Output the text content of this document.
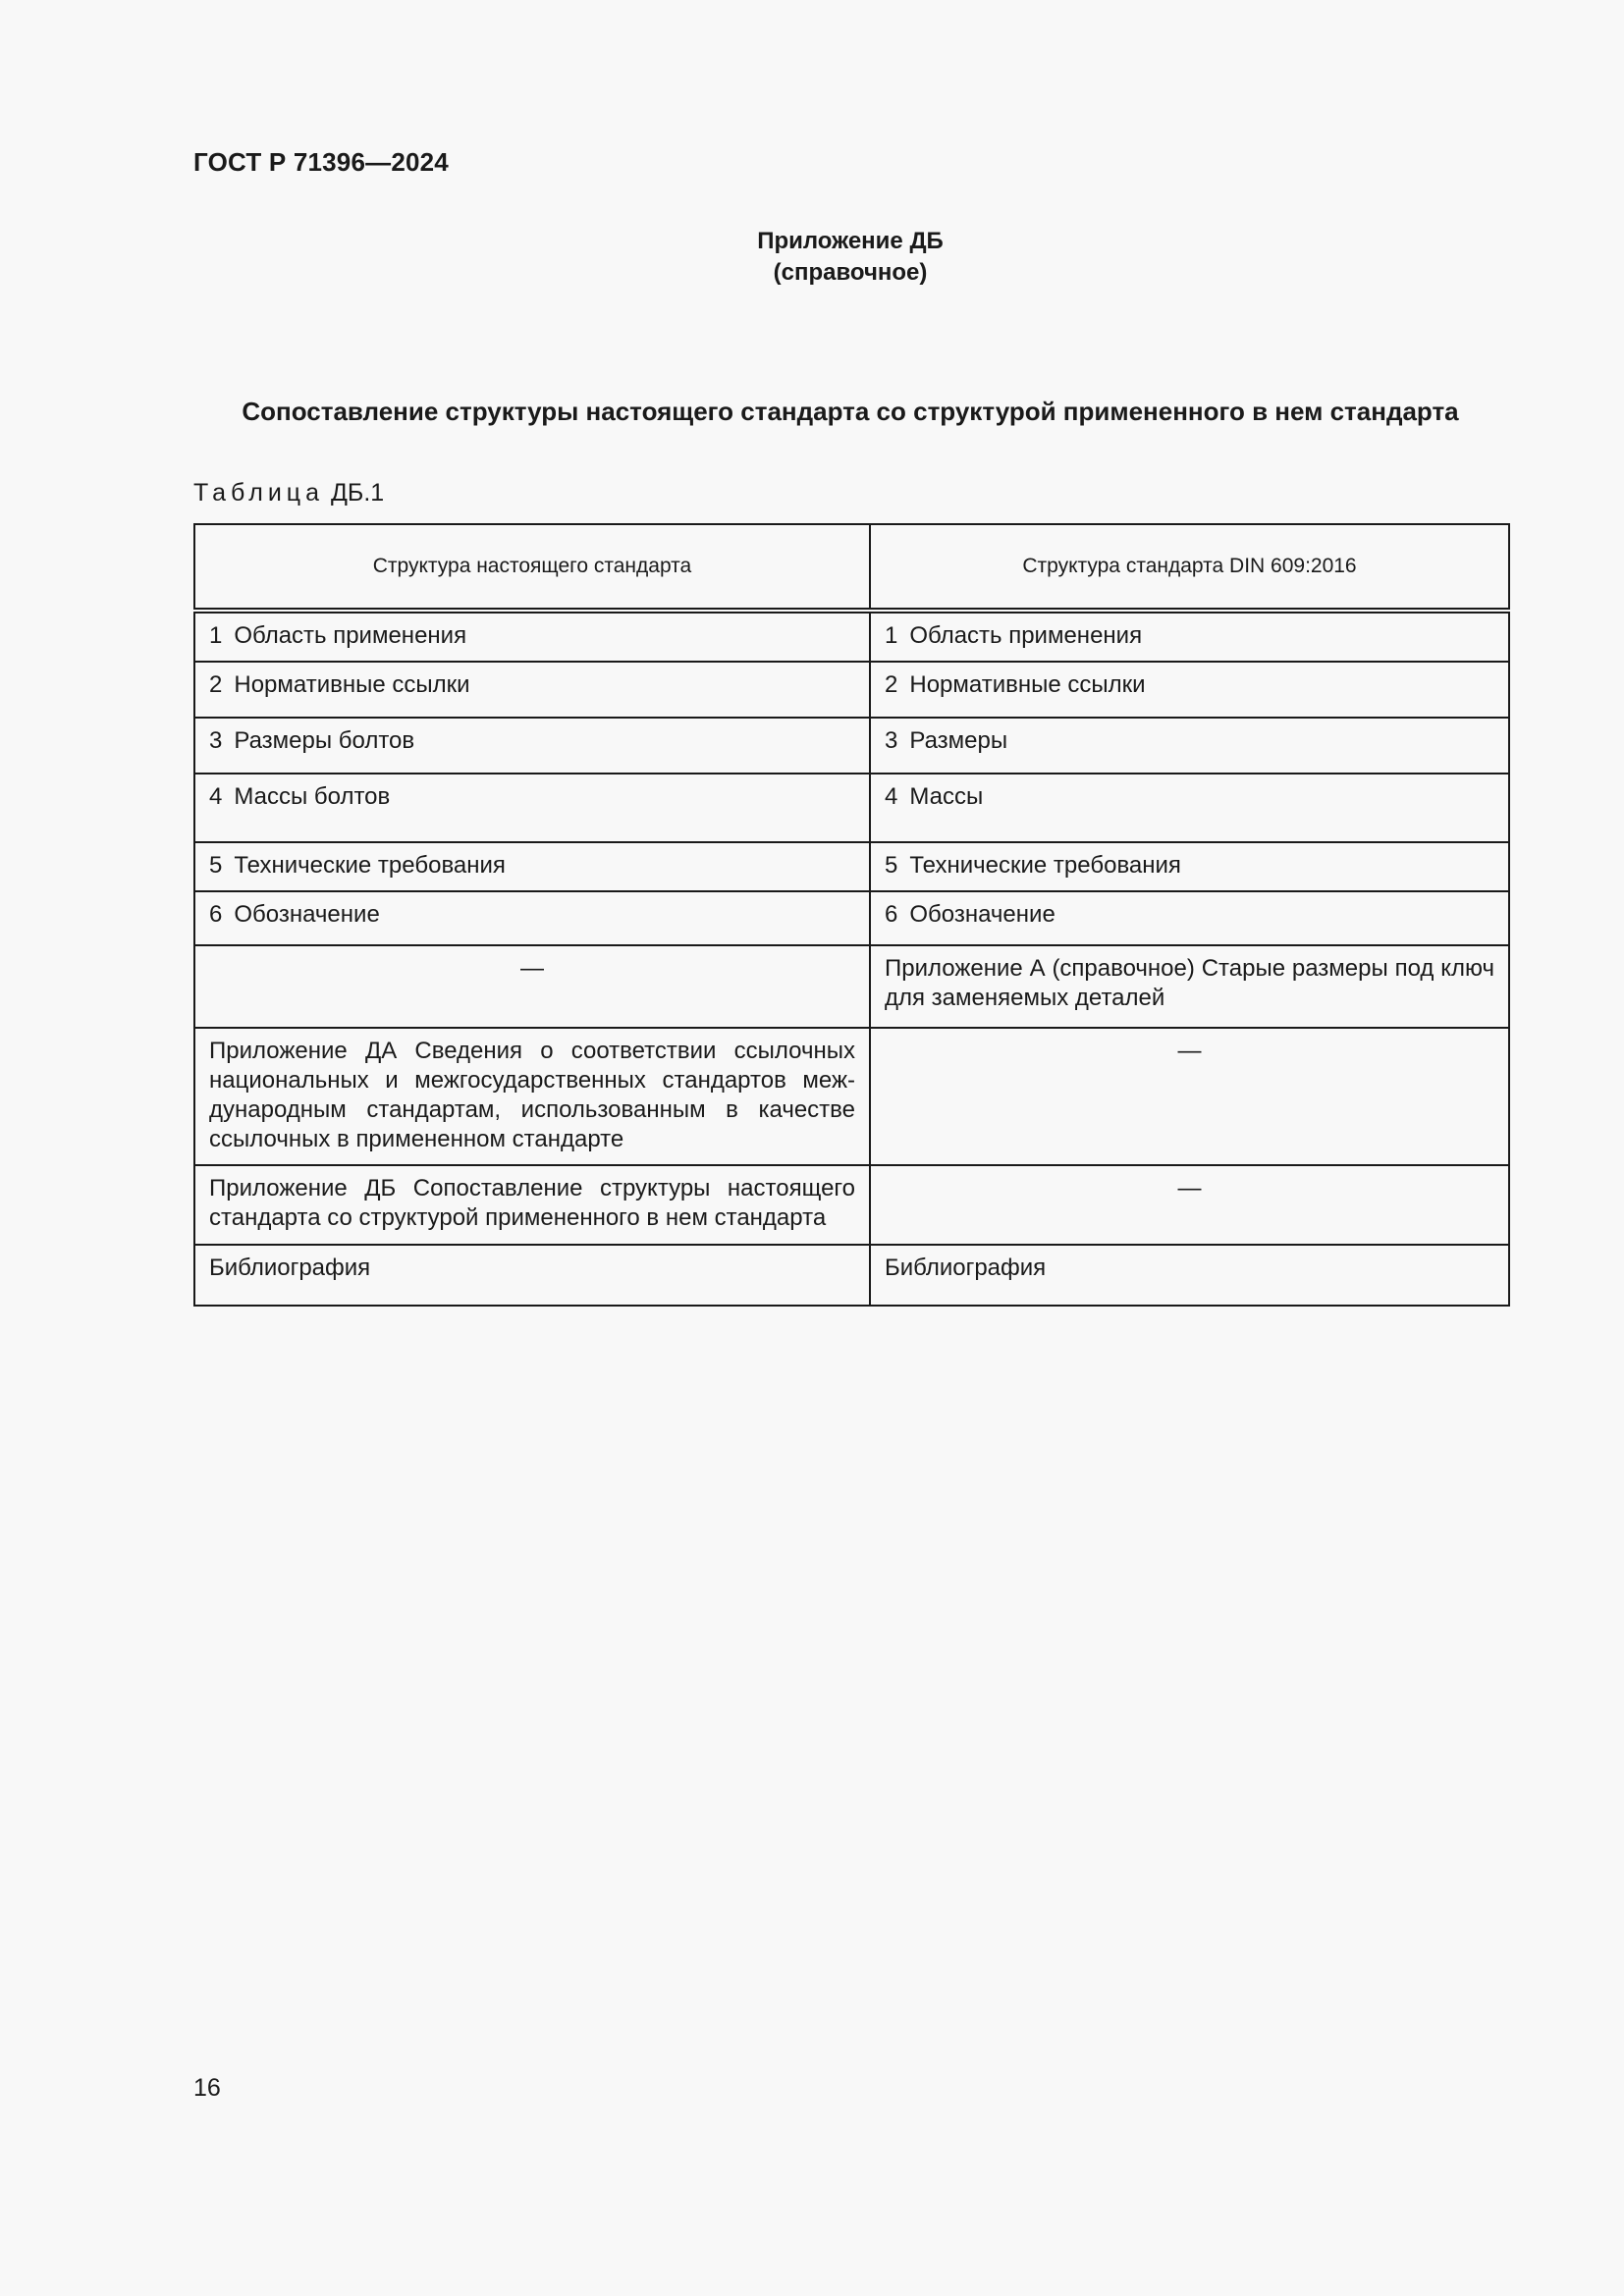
ГОСТ Р 71396—2024
Приложение ДБ
(справочное)
Сопоставление структуры настоящего стандарта со структурой примененного в нем стандарта
Таблица ДБ.1
Структура настоящего стандарта	Структура стандарта DIN 609:2016
1 Область применения	1 Область применения
2 Нормативные ссылки	2 Нормативные ссылки
3 Размеры болтов	3 Размеры
4 Массы болтов	4 Массы
5 Технические требования	5 Технические требования
6 Обозначение	6 Обозначение
—	Приложение А (справочное) Старые размеры под ключ для заменяемых деталей
Приложение ДА Сведения о соответствии ссылочных национальных и межгосударственных стандартов меж-дународным стандартам, использованным в качестве ссылочных в примененном стандарте	—
Приложение ДБ Сопоставление структуры настоящего стандарта со структурой примененного в нем стандарта	—
Библиография	Библиография
16
